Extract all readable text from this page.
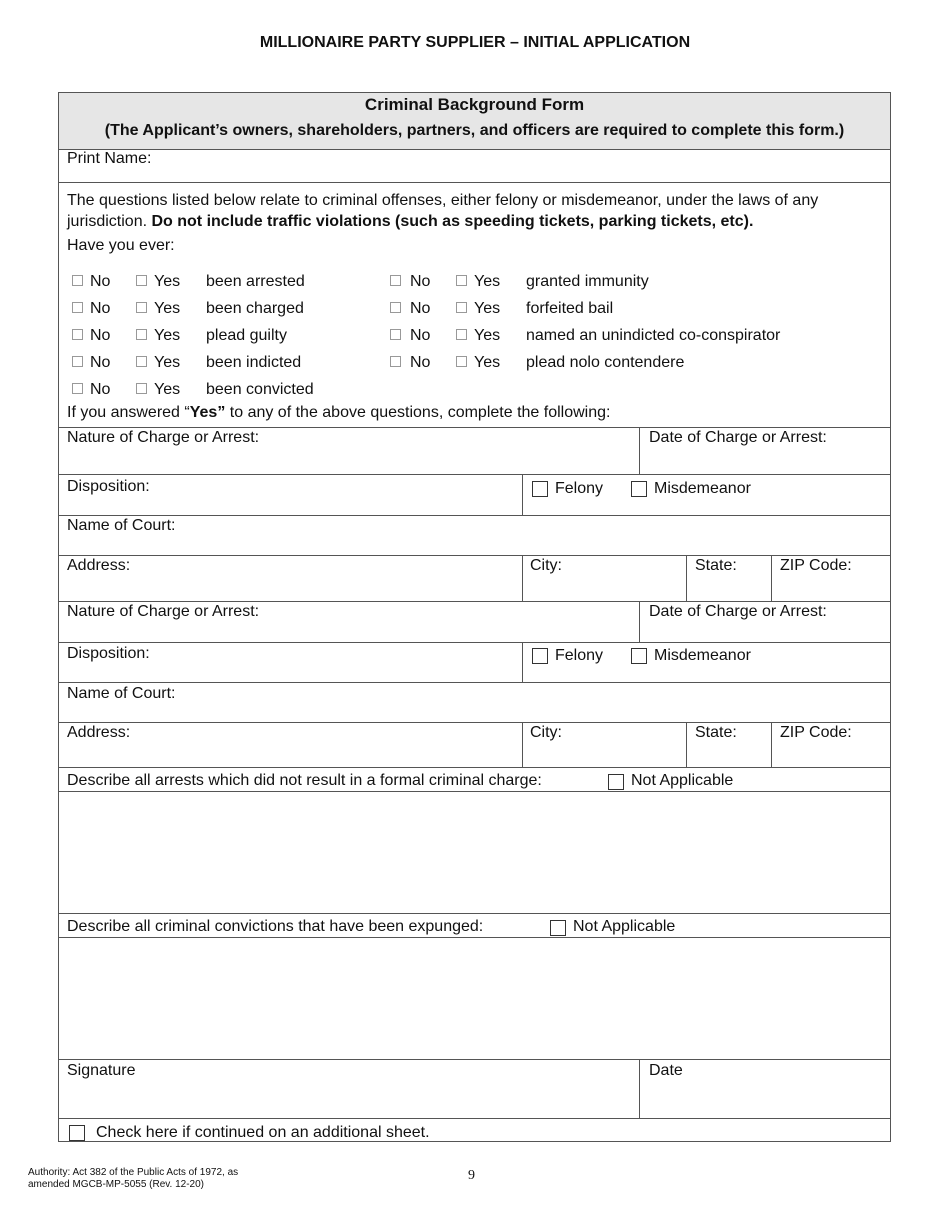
MILLIONAIRE PARTY SUPPLIER – INITIAL APPLICATION
Criminal Background Form
(The Applicant’s owners, shareholders, partners, and officers are required to complete this form.)
Print Name:
The questions listed below relate to criminal offenses, either felony or misdemeanor, under the laws of any jurisdiction. Do not include traffic violations (such as speeding tickets, parking tickets, etc).
Have you ever:
No	Yes been arrested
No	Yes been charged
No	Yes plead guilty
No	Yes been indicted
No	Yes been convicted
No	Yes granted immunity
No	Yes forfeited bail
No	Yes named an unindicted co-conspirator
No	Yes plead nolo contendere
If you answered “Yes” to any of the above questions, complete the following:
Nature of Charge or Arrest:	Date of Charge or Arrest:
Disposition:	Felony	Misdemeanor
Name of Court:
Address:	City:	State:	ZIP Code:
Nature of Charge or Arrest:	Date of Charge or Arrest:
Disposition:	Felony	Misdemeanor
Name of Court:
Address:	City:	State:	ZIP Code:
Describe all arrests which did not result in a formal criminal charge:	Not Applicable
Describe all criminal convictions that have been expunged:	Not Applicable
Signature	Date
Check here if continued on an additional sheet.
Authority: Act 382 of the Public Acts of 1972, as
amended MGCB-MP-5055 (Rev. 12-20)
9
